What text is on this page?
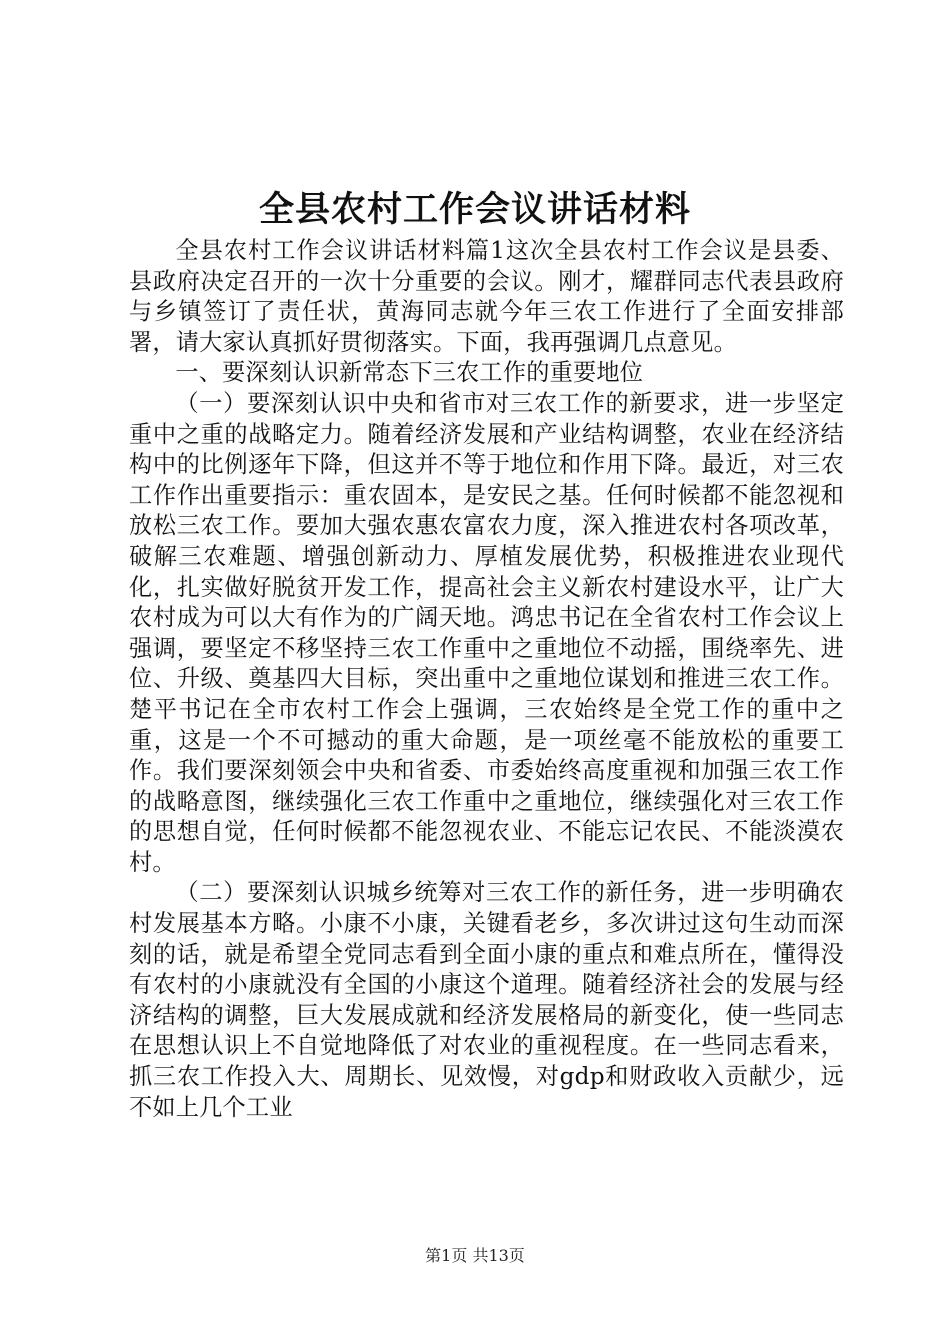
全县农村工作会议讲话材料

全县农村工作会议讲话材料篇1这次全县农村工作会议是县委、县政府决定召开的一次十分重要的会议。刚才，耀群同志代表县政府与乡镇签订了责任状，黄海同志就今年三农工作进行了全面安排部署，请大家认真抓好贯彻落实。下面，我再强调几点意见。

一、要深刻认识新常态下三农工作的重要地位

（一）要深刻认识中央和省市对三农工作的新要求，进一步坚定重中之重的战略定力。随着经济发展和产业结构调整，农业在经济结构中的比例逐年下降，但这并不等于地位和作用下降。最近，对三农工作作出重要指示：重农固本，是安民之基。任何时候都不能忽视和放松三农工作。要加大强农惠农富农力度，深入推进农村各项改革，破解三农难题、增强创新动力、厚植发展优势，积极推进农业现代化，扎实做好脱贫开发工作，提高社会主义新农村建设水平，让广大农村成为可以大有作为的广阔天地。鸿忠书记在全省农村工作会议上强调，要坚定不移坚持三农工作重中之重地位不动摇，围绕率先、进位、升级、奠基四大目标，突出重中之重地位谋划和推进三农工作。楚平书记在全市农村工作会上强调，三农始终是全党工作的重中之重，这是一个不可撼动的重大命题，是一项丝毫不能放松的重要工作。我们要深刻领会中央和省委、市委始终高度重视和加强三农工作的战略意图，继续强化三农工作重中之重地位，继续强化对三农工作的思想自觉，任何时候都不能忽视农业、不能忘记农民、不能淡漠农村。

（二）要深刻认识城乡统筹对三农工作的新任务，进一步明确农村发展基本方略。小康不小康，关键看老乡，多次讲过这句生动而深刻的话，就是希望全党同志看到全面小康的重点和难点所在，懂得没有农村的小康就没有全国的小康这个道理。随着经济社会的发展与经济结构的调整，巨大发展成就和经济发展格局的新变化，使一些同志在思想认识上不自觉地降低了对农业的重视程度。在一些同志看来，抓三农工作投入大、周期长、见效慢，对gdp和财政收入贡献少，远不如上几个工业

第1页 共13页
